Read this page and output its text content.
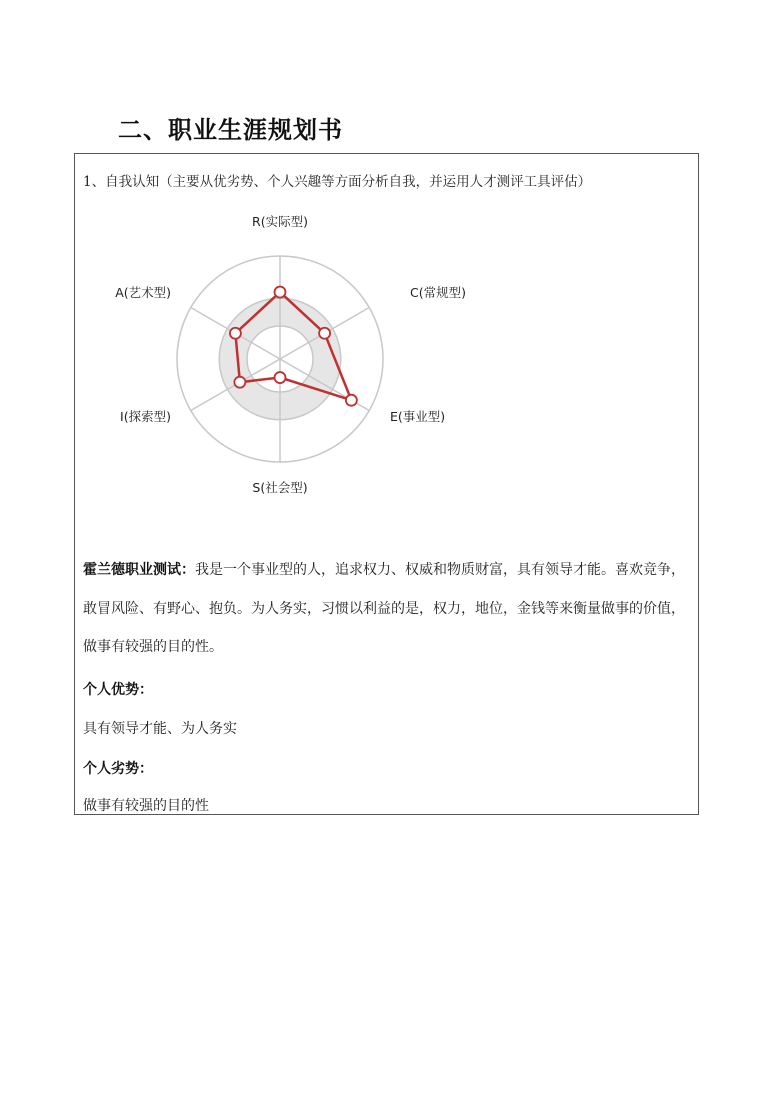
二、职业生涯规划书
1、自我认知（主要从优劣势、个人兴趣等方面分析自我，并运用人才测评工具评估）
R(实际型)
C(常规型)
E(事业型)
S(社会型)
I(探索型)
A(艺术型)

霍兰德职业测试：我是一个事业型的人，追求权力、权威和物质财富，具有领导才能。喜欢竞争，敢冒风险、有野心、抱负。为人务实，习惯以利益的是，权力，地位，金钱等来衡量做事的价值，做事有较强的目的性。

个人优势：

具有领导才能、为人务实

个人劣势：

做事有较强的目的性
